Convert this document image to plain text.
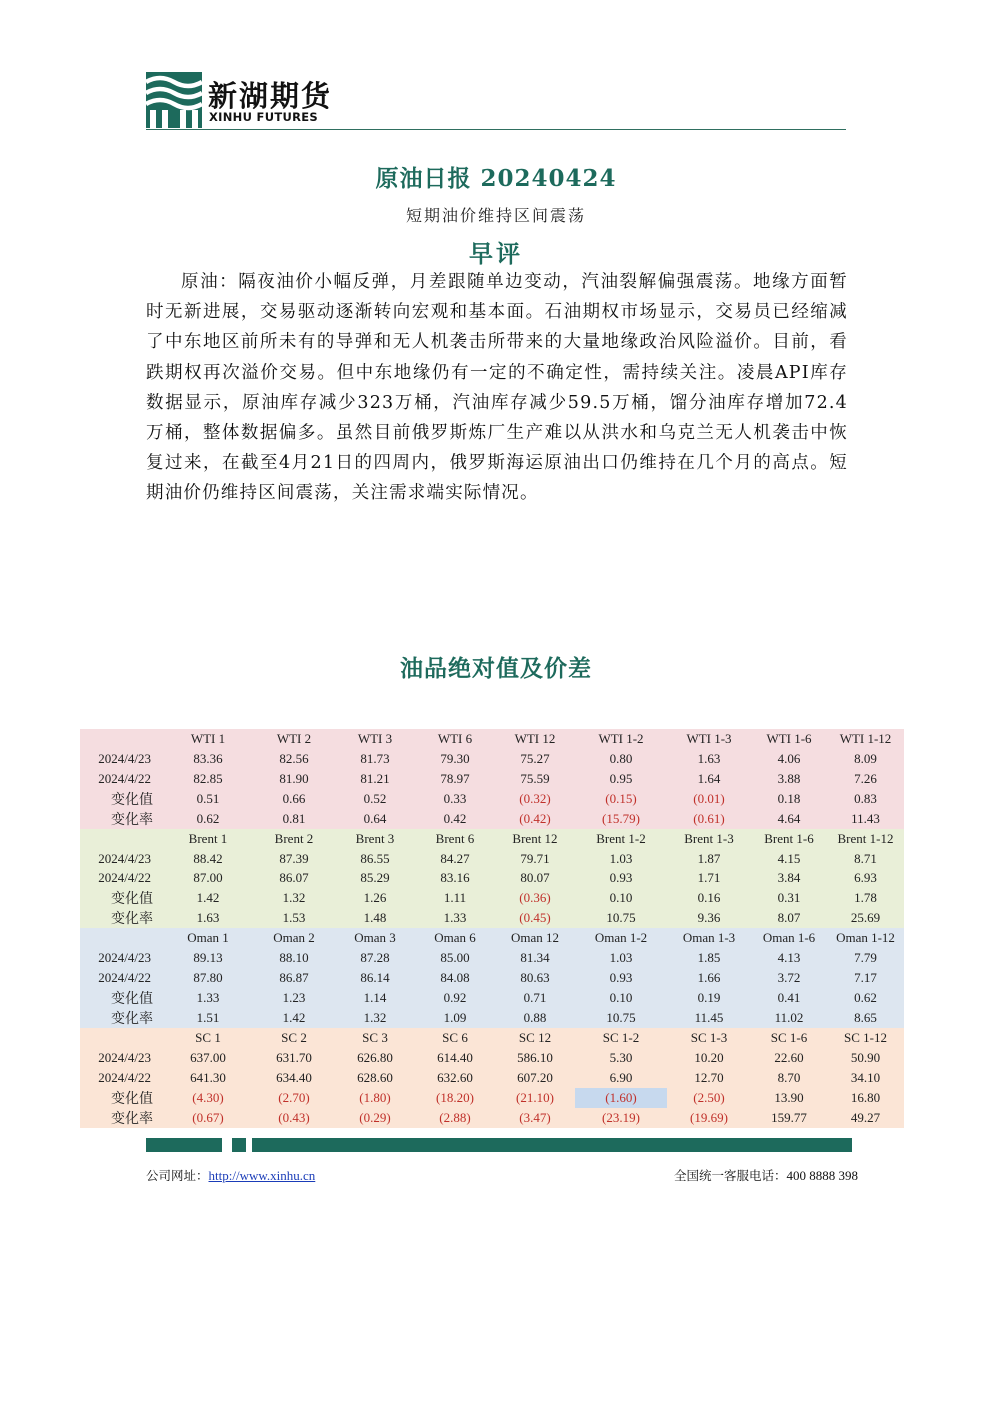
新湖期货
XINHU FUTURES
原油日报 20240424
短期油价维持区间震荡
早评

原油：隔夜油价小幅反弹，月差跟随单边变动，汽油裂解偏强震荡。地缘方面暂时无新进展，交易驱动逐渐转向宏观和基本面。石油期权市场显示，交易员已经缩减了中东地区前所未有的导弹和无人机袭击所带来的大量地缘政治风险溢价。目前，看跌期权再次溢价交易。但中东地缘仍有一定的不确定性，需持续关注。凌晨API库存数据显示，原油库存减少323万桶，汽油库存减少59.5万桶，馏分油库存增加72.4万桶，整体数据偏多。虽然目前俄罗斯炼厂生产难以从洪水和乌克兰无人机袭击中恢复过来，在截至4月21日的四周内，俄罗斯海运原油出口仍维持在几个月的高点。短期油价仍维持区间震荡，关注需求端实际情况。

油品绝对值及价差
	WTI 1	WTI 2	WTI 3	WTI 6	WTI 12	WTI 1-2	WTI 1-3	WTI 1-6	WTI 1-12
2024/4/23	83.36	82.56	81.73	79.30	75.27	0.80	1.63	4.06	8.09
2024/4/22	82.85	81.90	81.21	78.97	75.59	0.95	1.64	3.88	7.26
变化值	0.51	0.66	0.52	0.33	(0.32)	(0.15)	(0.01)	0.18	0.83
变化率	0.62	0.81	0.64	0.42	(0.42)	(15.79)	(0.61)	4.64	11.43
	Brent 1	Brent 2	Brent 3	Brent 6	Brent 12	Brent 1-2	Brent 1-3	Brent 1-6	Brent 1-12
2024/4/23	88.42	87.39	86.55	84.27	79.71	1.03	1.87	4.15	8.71
2024/4/22	87.00	86.07	85.29	83.16	80.07	0.93	1.71	3.84	6.93
变化值	1.42	1.32	1.26	1.11	(0.36)	0.10	0.16	0.31	1.78
变化率	1.63	1.53	1.48	1.33	(0.45)	10.75	9.36	8.07	25.69
	Oman 1	Oman 2	Oman 3	Oman 6	Oman 12	Oman 1-2	Oman 1-3	Oman 1-6	Oman 1-12
2024/4/23	89.13	88.10	87.28	85.00	81.34	1.03	1.85	4.13	7.79
2024/4/22	87.80	86.87	86.14	84.08	80.63	0.93	1.66	3.72	7.17
变化值	1.33	1.23	1.14	0.92	0.71	0.10	0.19	0.41	0.62
变化率	1.51	1.42	1.32	1.09	0.88	10.75	11.45	11.02	8.65
	SC 1	SC 2	SC 3	SC 6	SC 12	SC 1-2	SC 1-3	SC 1-6	SC 1-12
2024/4/23	637.00	631.70	626.80	614.40	586.10	5.30	10.20	22.60	50.90
2024/4/22	641.30	634.40	628.60	632.60	607.20	6.90	12.70	8.70	34.10
变化值	(4.30)	(2.70)	(1.80)	(18.20)	(21.10)	(1.60)	(2.50)	13.90	16.80
变化率	(0.67)	(0.43)	(0.29)	(2.88)	(3.47)	(23.19)	(19.69)	159.77	49.27
公司网址：http://www.xinhu.cn	全国统一客服电话：400 8888 398
